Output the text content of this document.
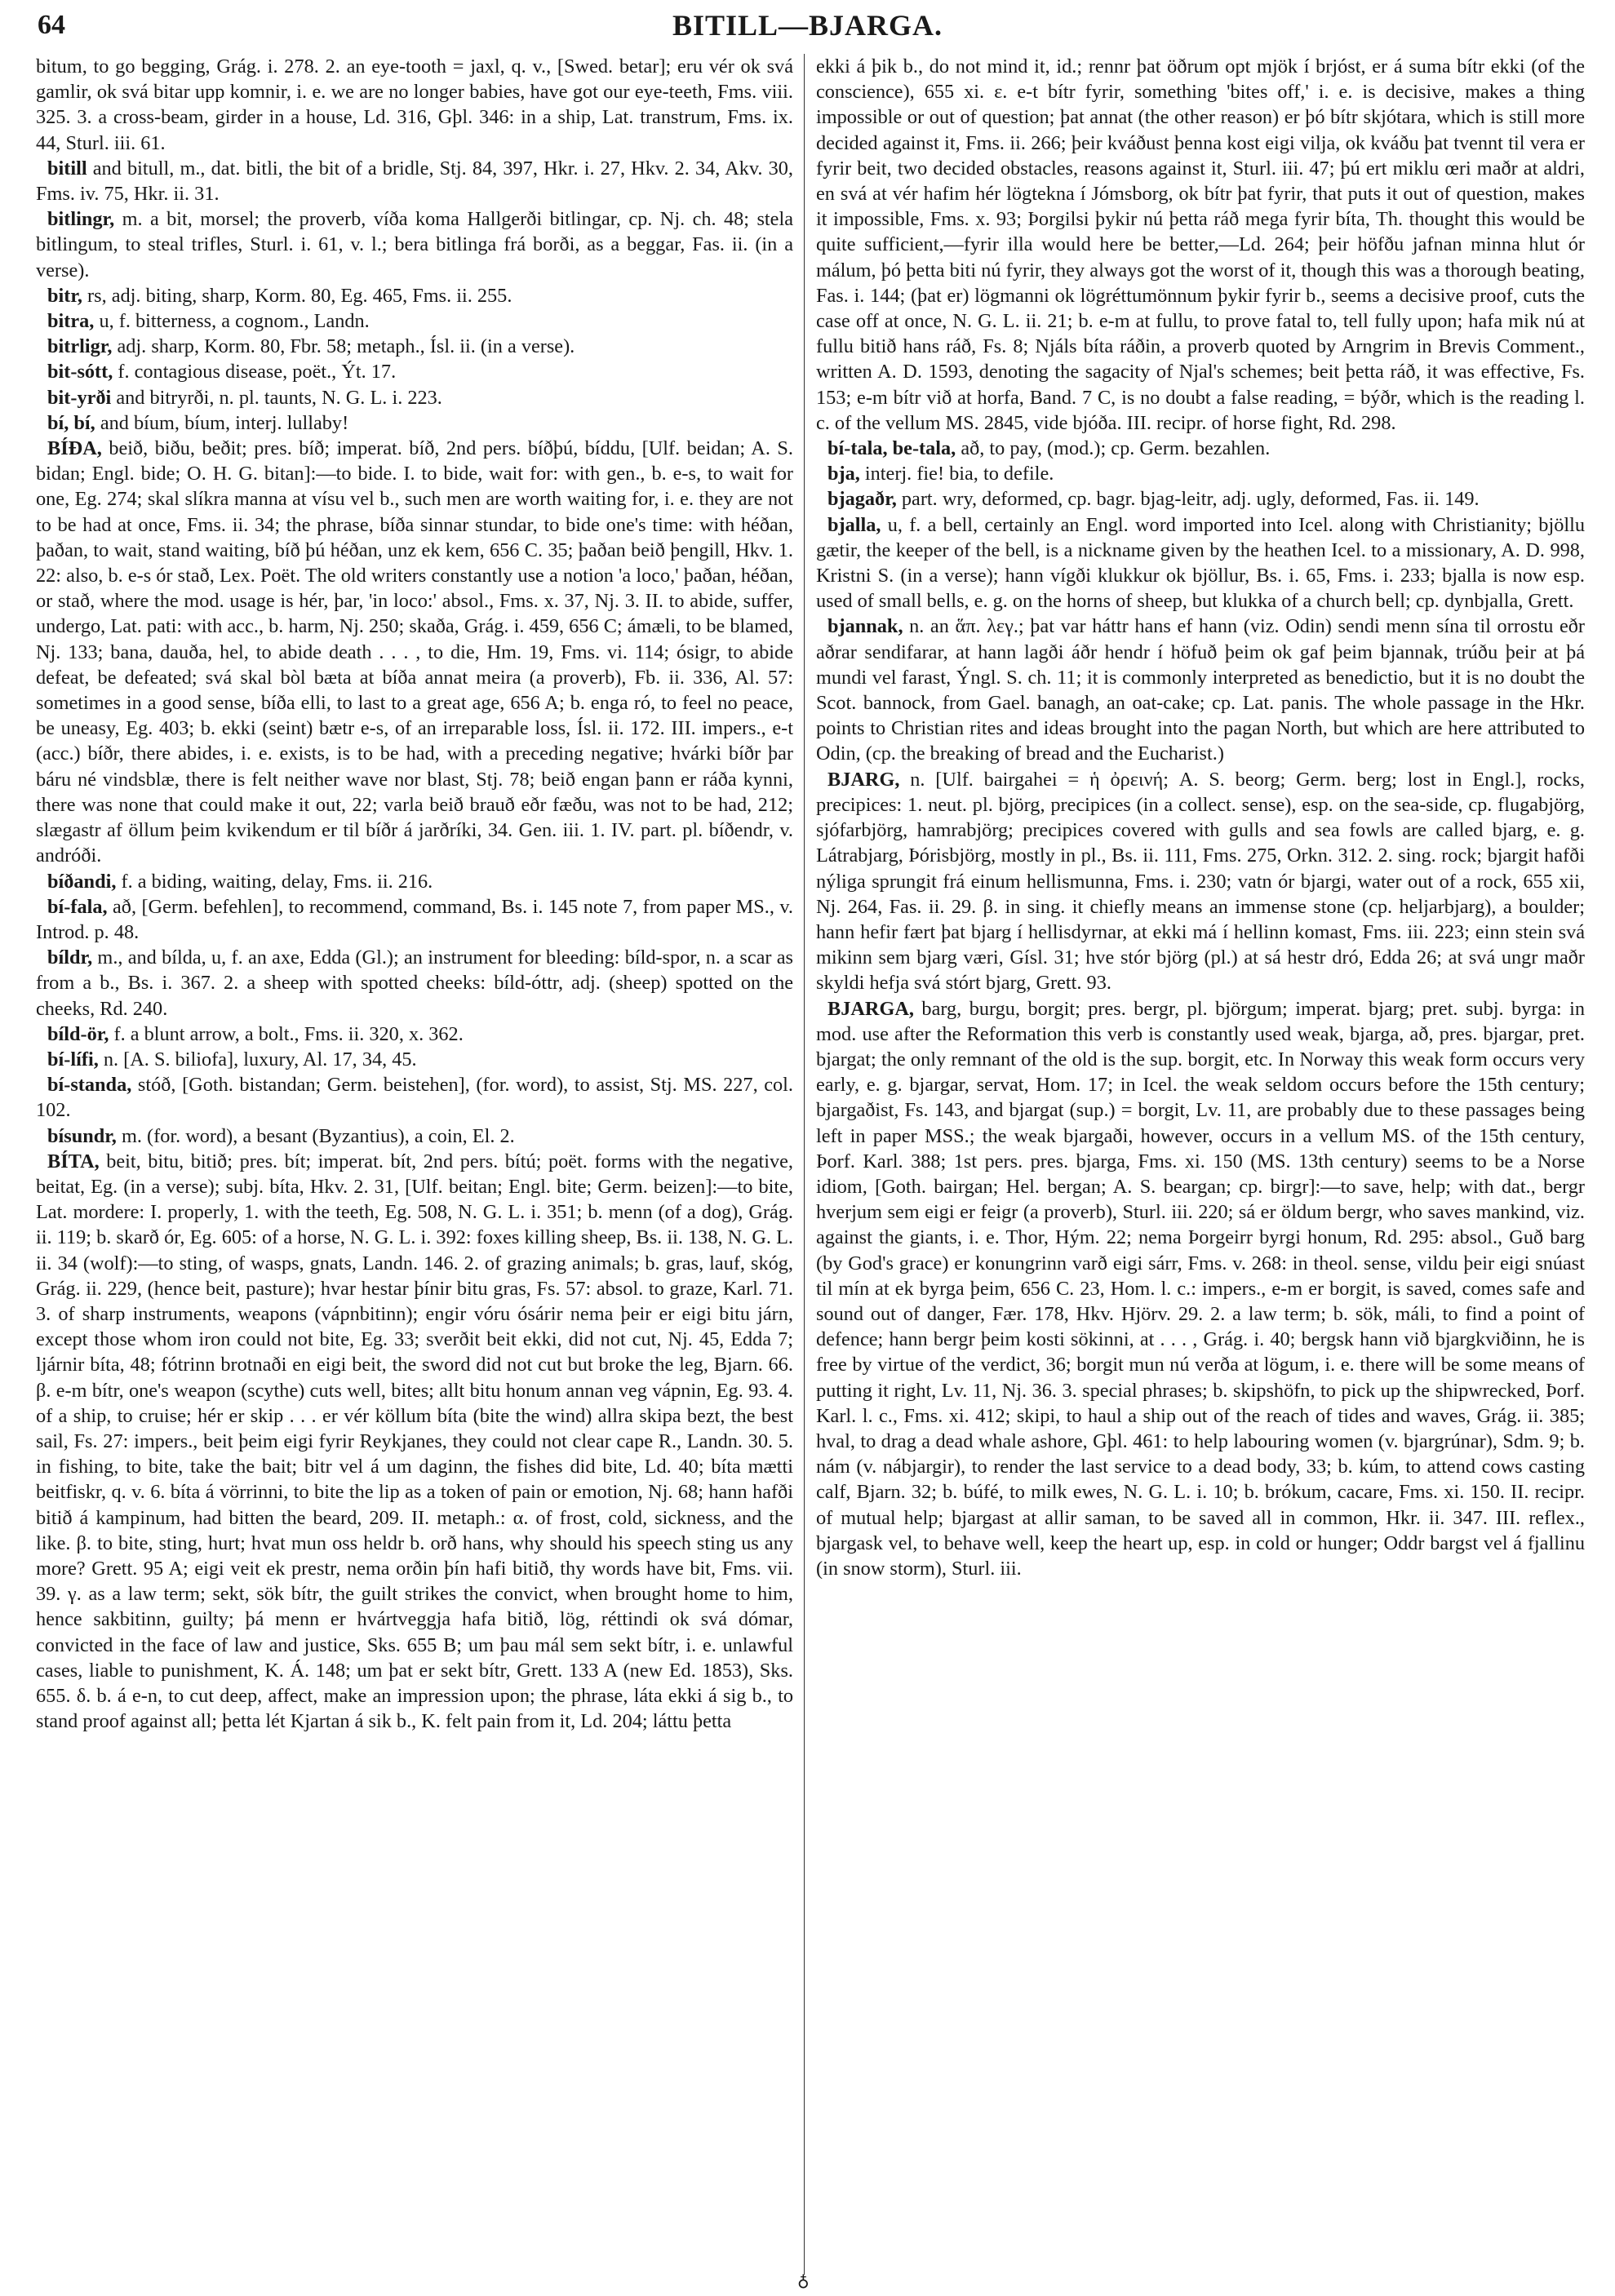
64	BITILL—BJARGA.

bitum, to go begging, Grág. i. 278. 2. an eye-tooth = jaxl, q. v., [Swed. betar]; eru vér ok svá gamlir, ok svá bitar upp komnir, i. e. we are no longer babies, have got our eye-teeth, Fms. viii. 325. 3. a cross-beam, girder in a house, Ld. 316, Gþl. 346: in a ship, Lat. transtrum, Fms. ix. 44, Sturl. iii. 61.

bitill and bitull, m., dat. bitli, the bit of a bridle, Stj. 84, 397, Hkr. i. 27, Hkv. 2. 34, Akv. 30, Fms. iv. 75, Hkr. ii. 31.

bitlingr, m. a bit, morsel; the proverb, víða koma Hallgerði bitlingar, cp. Nj. ch. 48; stela bitlingum, to steal trifles, Sturl. i. 61, v. l.; bera bitlinga frá borði, as a beggar, Fas. ii. (in a verse).

bitr, rs, adj. biting, sharp, Korm. 80, Eg. 465, Fms. ii. 255.

bitra, u, f. bitterness, a cognom., Landn.

bitrligr, adj. sharp, Korm. 80, Fbr. 58; metaph., Ísl. ii. (in a verse).

bit-sótt, f. contagious disease, poët., Ýt. 17.

bit-yrði and bitryrði, n. pl. taunts, N. G. L. i. 223.

bí, bí, and bíum, bíum, interj. lullaby!

BÍÐA, beið, biðu, beðit; pres. bíð; imperat. bíð, 2nd pers. bíðþú, bíddu, [Ulf. beidan; A. S. bidan; Engl. bide; O. H. G. bitan]:—to bide. I. to bide, wait for: with gen., b. e-s, to wait for one, Eg. 274; skal slíkra manna at vísu vel b., such men are worth waiting for, i. e. they are not to be had at once, Fms. ii. 34; the phrase, bíða sinnar stundar, to bide one's time: with héðan, þaðan, to wait, stand waiting, bíð þú héðan, unz ek kem, 656 C. 35; þaðan beið þengill, Hkv. 1. 22: also, b. e-s ór stað, Lex. Poët. The old writers constantly use a notion 'a loco,' þaðan, héðan, or stað, where the mod. usage is hér, þar, 'in loco:' absol., Fms. x. 37, Nj. 3. II. to abide, suffer, undergo, Lat. pati: with acc., b. harm, Nj. 250; skaða, Grág. i. 459, 656 C; ámæli, to be blamed, Nj. 133; bana, dauða, hel, to abide death . . . , to die, Hm. 19, Fms. vi. 114; ósigr, to abide defeat, be defeated; svá skal bòl bæta at bíða annat meira (a proverb), Fb. ii. 336, Al. 57: sometimes in a good sense, bíða elli, to last to a great age, 656 A; b. enga ró, to feel no peace, be uneasy, Eg. 403; b. ekki (seint) bætr e-s, of an irreparable loss, Ísl. ii. 172. III. impers., e-t (acc.) bíðr, there abides, i. e. exists, is to be had, with a preceding negative; hvárki bíðr þar báru né vindsblæ, there is felt neither wave nor blast, Stj. 78; beið engan þann er ráða kynni, there was none that could make it out, 22; varla beið brauð eðr fæðu, was not to be had, 212; slægastr af öllum þeim kvikendum er til bíðr á jarðríki, 34. Gen. iii. 1. IV. part. pl. bíðendr, v. andróði.

bíðandi, f. a biding, waiting, delay, Fms. ii. 216.

bí-fala, að, [Germ. befehlen], to recommend, command, Bs. i. 145 note 7, from paper MS., v. Introd. p. 48.

bíldr, m., and bílda, u, f. an axe, Edda (Gl.); an instrument for bleeding: bíld-spor, n. a scar as from a b., Bs. i. 367. 2. a sheep with spotted cheeks: bíld-óttr, adj. (sheep) spotted on the cheeks, Rd. 240.

bíld-ör, f. a blunt arrow, a bolt., Fms. ii. 320, x. 362.

bí-lífi, n. [A. S. biliofa], luxury, Al. 17, 34, 45.

bí-standa, stóð, [Goth. bistandan; Germ. beistehen], (for. word), to assist, Stj. MS. 227, col. 102.

bísundr, m. (for. word), a besant (Byzantius), a coin, El. 2.

BÍTA, beit, bitu, bitið; pres. bít; imperat. bít, 2nd pers. bítú; poët. forms with the negative, beitat, Eg. (in a verse); subj. bíta, Hkv. 2. 31, [Ulf. beitan; Engl. bite; Germ. beizen]:—to bite, Lat. mordere: I. properly, 1. with the teeth, Eg. 508, N. G. L. i. 351; b. menn (of a dog), Grág. ii. 119; b. skarð ór, Eg. 605: of a horse, N. G. L. i. 392: foxes killing sheep, Bs. ii. 138, N. G. L. ii. 34 (wolf):—to sting, of wasps, gnats, Landn. 146. 2. of grazing animals; b. gras, lauf, skóg, Grág. ii. 229, (hence beit, pasture); hvar hestar þínir bitu gras, Fs. 57: absol. to graze, Karl. 71. 3. of sharp instruments, weapons (vápnbitinn); engir vóru ósárir nema þeir er eigi bitu járn, except those whom iron could not bite, Eg. 33; sverðit beit ekki, did not cut, Nj. 45, Edda 7; ljárnir bíta, 48; fótrinn brotnaði en eigi beit, the sword did not cut but broke the leg, Bjarn. 66. β. e-m bítr, one's weapon (scythe) cuts well, bites; allt bitu honum annan veg vápnin, Eg. 93. 4. of a ship, to cruise; hér er skip . . . er vér köllum bíta (bite the wind) allra skipa bezt, the best sail, Fs. 27: impers., beit þeim eigi fyrir Reykjanes, they could not clear cape R., Landn. 30. 5. in fishing, to bite, take the bait; bitr vel á um daginn, the fishes did bite, Ld. 40; bíta mætti beitfiskr, q. v. 6. bíta á vörrinni, to bite the lip as a token of pain or emotion, Nj. 68; hann hafði bitið á kampinum, had bitten the beard, 209. II. metaph.: α. of frost, cold, sickness, and the like. β. to bite, sting, hurt; hvat mun oss heldr b. orð hans, why should his speech sting us any more? Grett. 95 A; eigi veit ek prestr, nema orðin þín hafi bitið, thy words have bit, Fms. vii. 39. γ. as a law term; sekt, sök bítr, the guilt strikes the convict, when brought home to him, hence sakbitinn, guilty; þá menn er hvártveggja hafa bitið, lög, réttindi ok svá dómar, convicted in the face of law and justice, Sks. 655 B; um þau mál sem sekt bítr, i. e. unlawful cases, liable to punishment, K. Á. 148; um þat er sekt bítr, Grett. 133 A (new Ed. 1853), Sks. 655. δ. b. á e-n, to cut deep, affect, make an impression upon; the phrase, láta ekki á sig b., to stand proof against all; þetta lét Kjartan á sik b., K. felt pain from it, Ld. 204; láttu þetta

♁

ekki á þik b., do not mind it, id.; rennr þat öðrum opt mjök í brjóst, er á suma bítr ekki (of the conscience), 655 xi. ε. e-t bítr fyrir, something 'bites off,' i. e. is decisive, makes a thing impossible or out of question; þat annat (the other reason) er þó bítr skjótara, which is still more decided against it, Fms. ii. 266; þeir kváðust þenna kost eigi vilja, ok kváðu þat tvennt til vera er fyrir beit, two decided obstacles, reasons against it, Sturl. iii. 47; þú ert miklu œri maðr at aldri, en svá at vér hafim hér lögtekna í Jómsborg, ok bítr þat fyrir, that puts it out of question, makes it impossible, Fms. x. 93; Þorgilsi þykir nú þetta ráð mega fyrir bíta, Th. thought this would be quite sufficient,—fyrir illa would here be better,—Ld. 264; þeir höfðu jafnan minna hlut ór málum, þó þetta biti nú fyrir, they always got the worst of it, though this was a thorough beating, Fas. i. 144; (þat er) lögmanni ok lögréttumönnum þykir fyrir b., seems a decisive proof, cuts the case off at once, N. G. L. ii. 21; b. e-m at fullu, to prove fatal to, tell fully upon; hafa mik nú at fullu bitið hans ráð, Fs. 8; Njáls bíta ráðin, a proverb quoted by Arngrim in Brevis Comment., written A. D. 1593, denoting the sagacity of Njal's schemes; beit þetta ráð, it was effective, Fs. 153; e-m bítr við at horfa, Band. 7 C, is no doubt a false reading, = býðr, which is the reading l. c. of the vellum MS. 2845, vide bjóða. III. recipr. of horse fight, Rd. 298.

bí-tala, be-tala, að, to pay, (mod.); cp. Germ. bezahlen.

bja, interj. fie! bia, to defile.

bjagaðr, part. wry, deformed, cp. bagr. bjag-leitr, adj. ugly, deformed, Fas. ii. 149.

bjalla, u, f. a bell, certainly an Engl. word imported into Icel. along with Christianity; bjöllu gætir, the keeper of the bell, is a nickname given by the heathen Icel. to a missionary, A. D. 998, Kristni S. (in a verse); hann vígði klukkur ok bjöllur, Bs. i. 65, Fms. i. 233; bjalla is now esp. used of small bells, e. g. on the horns of sheep, but klukka of a church bell; cp. dynbjalla, Grett.

bjannak, n. an ἅπ. λεγ.; þat var háttr hans ef hann (viz. Odin) sendi menn sína til orrostu eðr aðrar sendifarar, at hann lagði áðr hendr í höfuð þeim ok gaf þeim bjannak, trúðu þeir at þá mundi vel farast, Ýngl. S. ch. 11; it is commonly interpreted as benedictio, but it is no doubt the Scot. bannock, from Gael. banagh, an oat-cake; cp. Lat. panis. The whole passage in the Hkr. points to Christian rites and ideas brought into the pagan North, but which are here attributed to Odin, (cp. the breaking of bread and the Eucharist.)

BJARG, n. [Ulf. bairgahei = ἡ ὀρεινή; A. S. beorg; Germ. berg; lost in Engl.], rocks, precipices: 1. neut. pl. björg, precipices (in a collect. sense), esp. on the sea-side, cp. flugabjörg, sjófarbjörg, hamrabjörg; precipices covered with gulls and sea fowls are called bjarg, e. g. Látrabjarg, Þórisbjörg, mostly in pl., Bs. ii. 111, Fms. 275, Orkn. 312. 2. sing. rock; bjargit hafði nýliga sprungit frá einum hellismunna, Fms. i. 230; vatn ór bjargi, water out of a rock, 655 xii, Nj. 264, Fas. ii. 29. β. in sing. it chiefly means an immense stone (cp. heljarbjarg), a boulder; hann hefir fært þat bjarg í hellisdyrnar, at ekki má í hellinn komast, Fms. iii. 223; einn stein svá mikinn sem bjarg væri, Gísl. 31; hve stór björg (pl.) at sá hestr dró, Edda 26; at svá ungr maðr skyldi hefja svá stórt bjarg, Grett. 93.

BJARGA, barg, burgu, borgit; pres. bergr, pl. björgum; imperat. bjarg; pret. subj. byrga: in mod. use after the Reformation this verb is constantly used weak, bjarga, að, pres. bjargar, pret. bjargat; the only remnant of the old is the sup. borgit, etc. In Norway this weak form occurs very early, e. g. bjargar, servat, Hom. 17; in Icel. the weak seldom occurs before the 15th century; bjargaðist, Fs. 143, and bjargat (sup.) = borgit, Lv. 11, are probably due to these passages being left in paper MSS.; the weak bjargaði, however, occurs in a vellum MS. of the 15th century, Þorf. Karl. 388; 1st pers. pres. bjarga, Fms. xi. 150 (MS. 13th century) seems to be a Norse idiom, [Goth. bairgan; Hel. bergan; A. S. beargan; cp. birgr]:—to save, help; with dat., bergr hverjum sem eigi er feigr (a proverb), Sturl. iii. 220; sá er öldum bergr, who saves mankind, viz. against the giants, i. e. Thor, Hým. 22; nema Þorgeirr byrgi honum, Rd. 295: absol., Guð barg (by God's grace) er konungrinn varð eigi sárr, Fms. v. 268: in theol. sense, vildu þeir eigi snúast til mín at ek byrga þeim, 656 C. 23, Hom. l. c.: impers., e-m er borgit, is saved, comes safe and sound out of danger, Fær. 178, Hkv. Hjörv. 29. 2. a law term; b. sök, máli, to find a point of defence; hann bergr þeim kosti sökinni, at . . . , Grág. i. 40; bergsk hann við bjargkviðinn, he is free by virtue of the verdict, 36; borgit mun nú verða at lögum, i. e. there will be some means of putting it right, Lv. 11, Nj. 36. 3. special phrases; b. skipshöfn, to pick up the shipwrecked, Þorf. Karl. l. c., Fms. xi. 412; skipi, to haul a ship out of the reach of tides and waves, Grág. ii. 385; hval, to drag a dead whale ashore, Gþl. 461: to help labouring women (v. bjargrúnar), Sdm. 9; b. nám (v. nábjargir), to render the last service to a dead body, 33; b. kúm, to attend cows casting calf, Bjarn. 32; b. búfé, to milk ewes, N. G. L. i. 10; b. brókum, cacare, Fms. xi. 150. II. recipr. of mutual help; bjargast at allir saman, to be saved all in common, Hkr. ii. 347. III. reflex., bjargask vel, to behave well, keep the heart up, esp. in cold or hunger; Oddr bargst vel á fjallinu (in snow storm), Sturl. iii.
